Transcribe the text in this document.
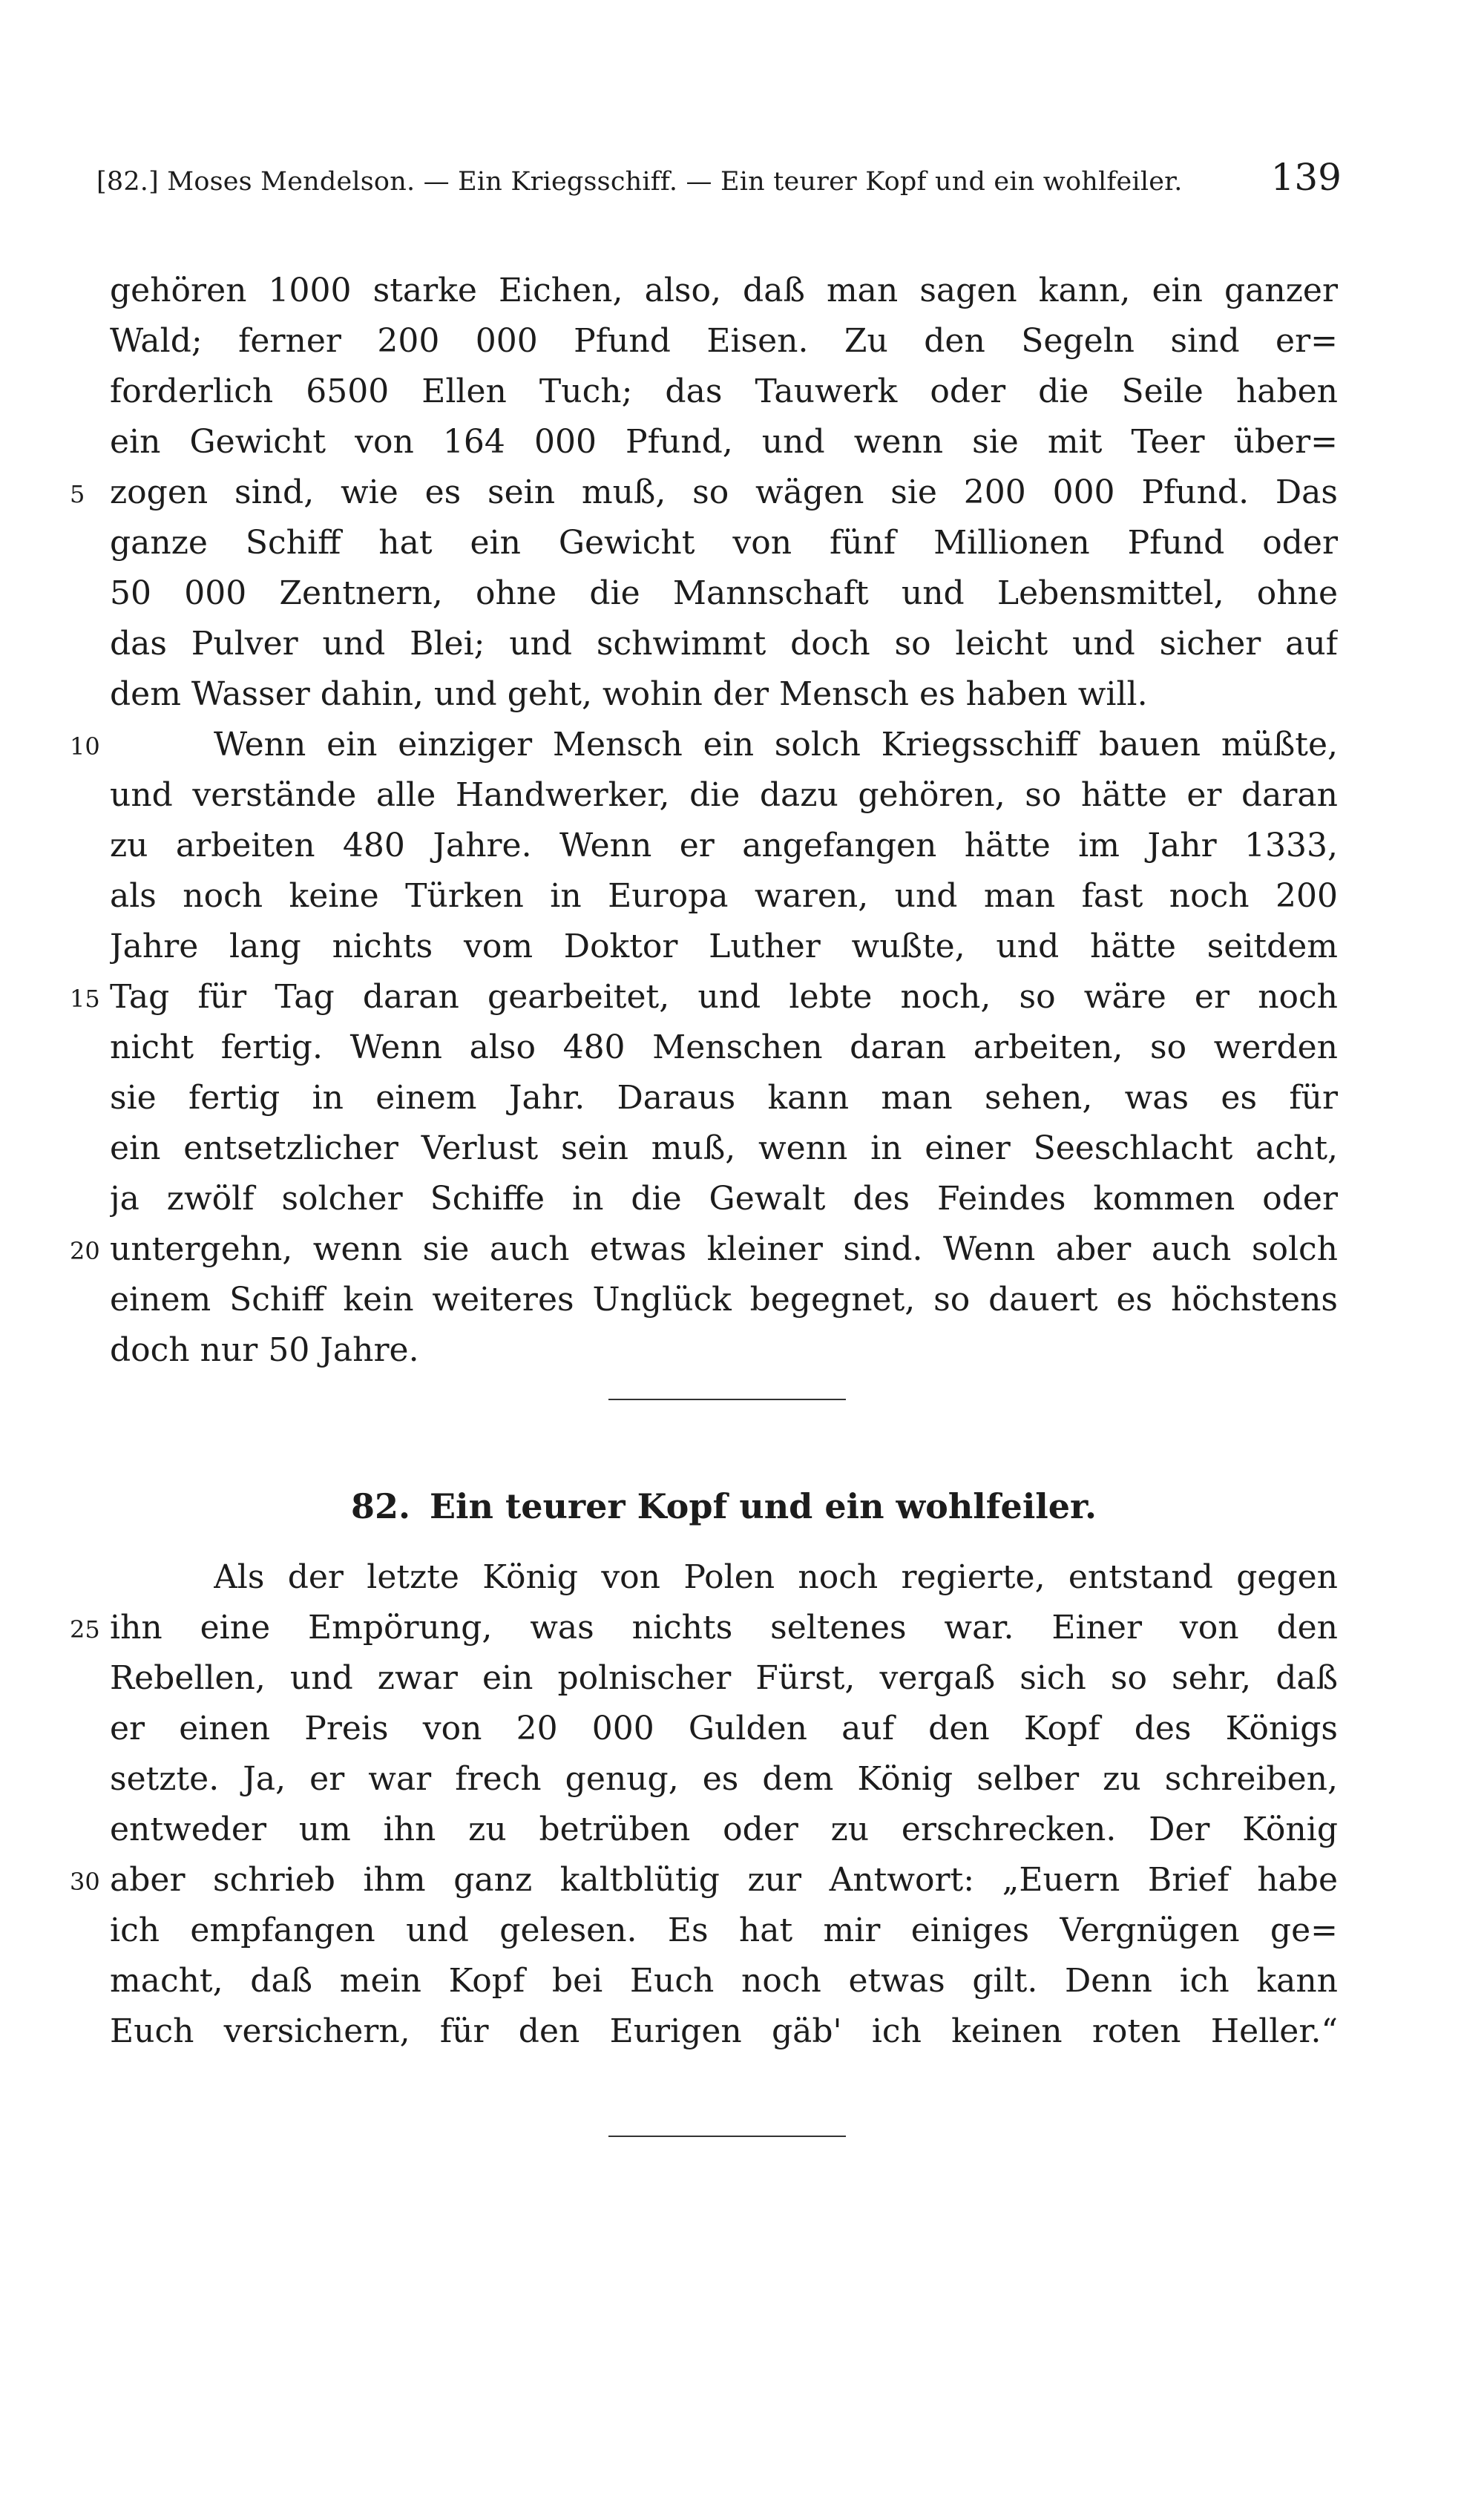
[82.] Moses Mendelson. — Ein Kriegsschiff. — Ein teurer Kopf und ein wohlfeiler. 139
gehören 1000 starke Eichen, also, daß man sagen kann, ein ganzer
Wald; ferner 200 000 Pfund Eisen. Zu den Segeln sind er=
forderlich 6500 Ellen Tuch; das Tauwerk oder die Seile haben
ein Gewicht von 164 000 Pfund, und wenn sie mit Teer über=
5 zogen sind, wie es sein muß, so wägen sie 200 000 Pfund. Das
ganze Schiff hat ein Gewicht von fünf Millionen Pfund oder
50 000 Zentnern, ohne die Mannschaft und Lebensmittel, ohne
das Pulver und Blei; und schwimmt doch so leicht und sicher auf
dem Wasser dahin, und geht, wohin der Mensch es haben will.
10	Wenn ein einziger Mensch ein solch Kriegsschiff bauen müßte,
und verstände alle Handwerker, die dazu gehören, so hätte er daran
zu arbeiten 480 Jahre. Wenn er angefangen hätte im Jahr 1333,
als noch keine Türken in Europa waren, und man fast noch 200
Jahre lang nichts vom Doktor Luther wußte, und hätte seitdem
15 Tag für Tag daran gearbeitet, und lebte noch, so wäre er noch
nicht fertig. Wenn also 480 Menschen daran arbeiten, so werden
sie fertig in einem Jahr. Daraus kann man sehen, was es für
ein entsetzlicher Verlust sein muß, wenn in einer Seeschlacht acht,
ja zwölf solcher Schiffe in die Gewalt des Feindes kommen oder
20 untergehn, wenn sie auch etwas kleiner sind. Wenn aber auch solch
einem Schiff kein weiteres Unglück begegnet, so dauert es höchstens
doch nur 50 Jahre.
82. Ein teurer Kopf und ein wohlfeiler.
Als der letzte König von Polen noch regierte, entstand gegen
25 ihn eine Empörung, was nichts seltenes war. Einer von den
Rebellen, und zwar ein polnischer Fürst, vergaß sich so sehr, daß
er einen Preis von 20 000 Gulden auf den Kopf des Königs
setzte. Ja, er war frech genug, es dem König selber zu schreiben,
entweder um ihn zu betrüben oder zu erschrecken. Der König
30 aber schrieb ihm ganz kaltblütig zur Antwort: „Euern Brief habe
ich empfangen und gelesen. Es hat mir einiges Vergnügen ge=
macht, daß mein Kopf bei Euch noch etwas gilt. Denn ich kann
Euch versichern, für den Eurigen gäb' ich keinen roten Heller.“
